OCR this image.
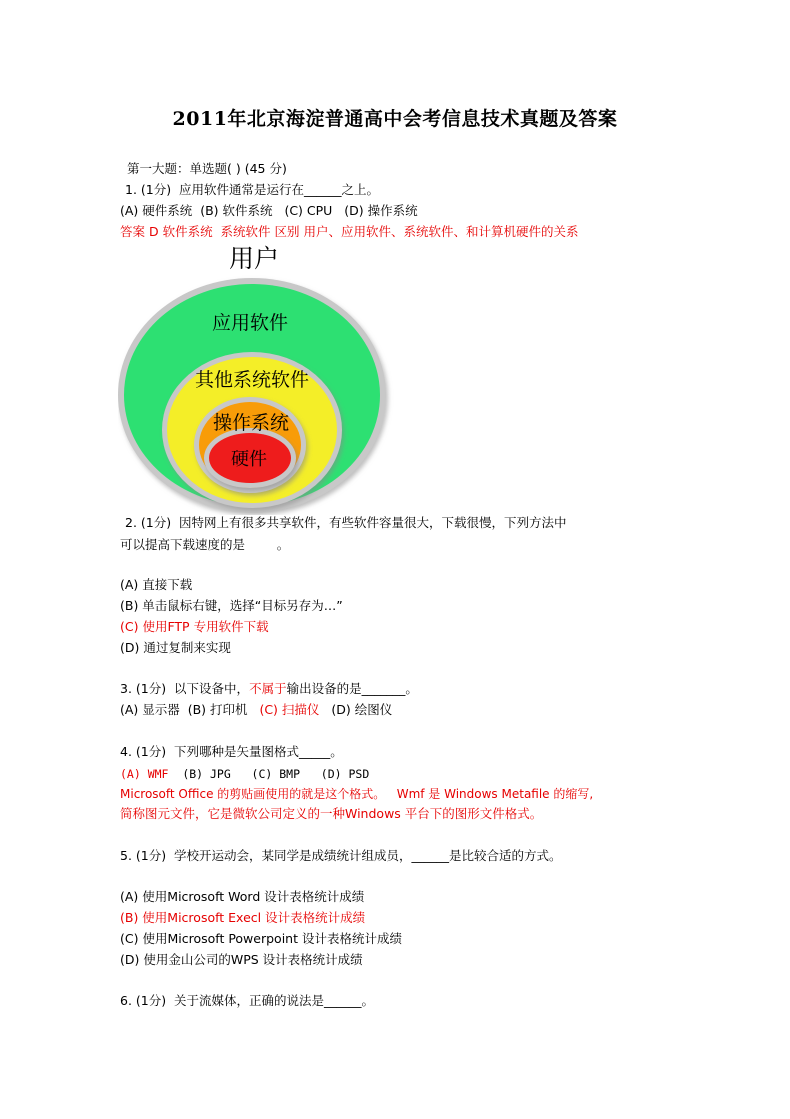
2011年北京海淀普通高中会考信息技术真题及答案
第一大题：单选题( ) (45 分)
1. (1分)  应用软件通常是运行在______之上。
(A) 硬件系统  (B) 软件系统   (C) CPU   (D) 操作系统
答案 D 软件系统  系统软件 区别 用户、应用软件、系统软件、和计算机硬件的关系
用户
应用软件
其他系统软件
操作系统
硬件
2. (1分)  因特网上有很多共享软件，有些软件容量很大，下载很慢，下列方法中
可以提高下载速度的是        。
(A) 直接下载
(B) 单击鼠标右键，选择“目标另存为…”
(C) 使用FTP 专用软件下载
(D) 通过复制来实现
3. (1分)  以下设备中，不属于输出设备的是_______。
(A) 显示器  (B) 打印机   (C) 扫描仪   (D) 绘图仪
4. (1分)  下列哪种是矢量图格式_____。
(A) WMF  (B) JPG   (C) BMP   (D) PSD
Microsoft Office 的剪贴画使用的就是这个格式。   Wmf 是 Windows Metafile 的缩写,
简称图元文件，它是微软公司定义的一种Windows 平台下的图形文件格式。
5. (1分)  学校开运动会，某同学是成绩统计组成员，______是比较合适的方式。
(A) 使用Microsoft Word 设计表格统计成绩
(B) 使用Microsoft Execl 设计表格统计成绩
(C) 使用Microsoft Powerpoint 设计表格统计成绩
(D) 使用金山公司的WPS 设计表格统计成绩
6. (1分)  关于流媒体，正确的说法是______。
